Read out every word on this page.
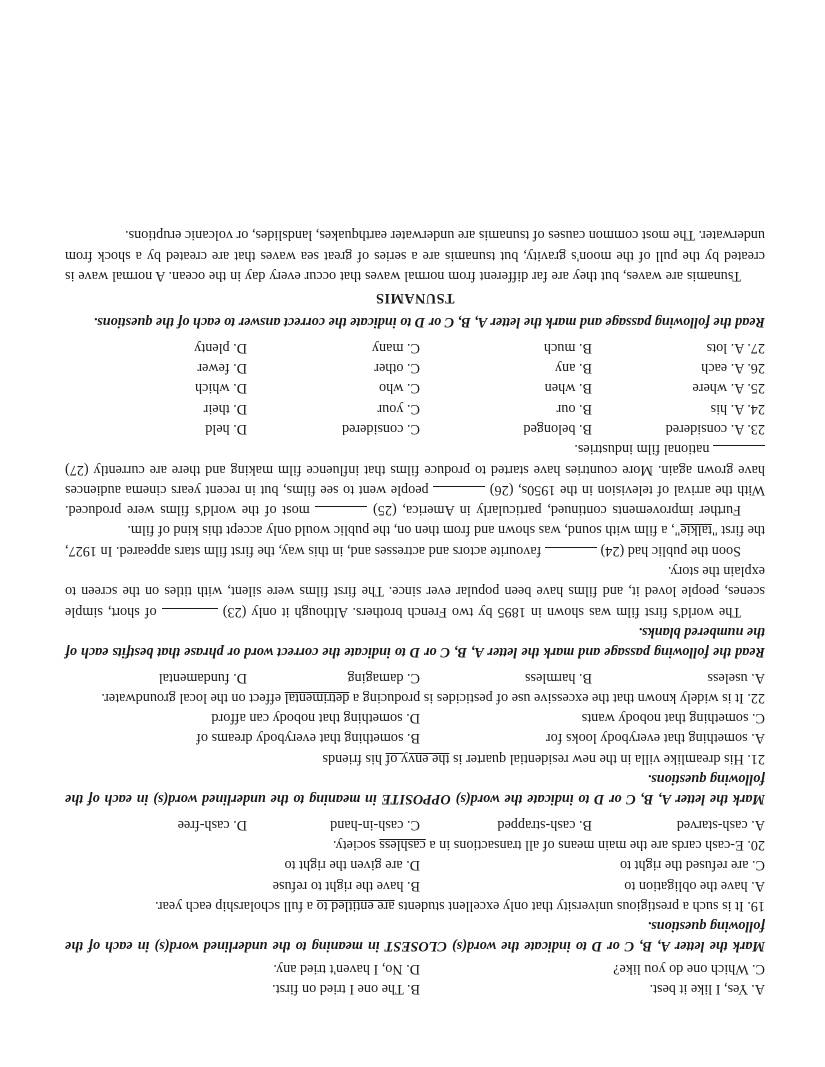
A. Yes, I like it best.
B. The one I tried on first.
C. Which one do you like?
D. No, I haven't tried any.
Mark the letter A, B, C or D to indicate the word(s) CLOSEST in meaning to the underlined word(s) in each of the following questions.
19. It is such a prestigious university that only excellent students are entitled to a full scholarship each year.
A. have the obligation to
B. have the right to refuse
C. are refused the right to
D. are given the right to
20. E-cash cards are the main means of all transactions in a cashless society.
A. cash-starved
B. cash-strapped
C. cash-in-hand
D. cash-free
Mark the letter A, B, C or D to indicate the word(s) OPPOSITE in meaning to the underlined word(s) in each of the following questions.
21. His dreamlike villa in the new residential quarter is the envy of his friends
A. something that everybody looks for
B. something that everybody dreams of
C. something that nobody wants
D. something that nobody can afford
22. It is widely known that the excessive use of pesticides is producing a detrimental effect on the local groundwater.
A. useless
B. harmless
C. damaging
D. fundamental
Read the following passage and mark the letter A, B, C or D to indicate the correct word or phrase that bestfits each of the numbered blanks.
The world's first film was shown in 1895 by two French brothers. Although it only (23)  of short, simple scenes, people loved it, and films have been popular ever since. The first films were silent, with titles on the screen to explain the story.
Soon the public had (24)  favourite actors and actresses and, in this way, the first film stars appeared. In 1927, the first "talkie", a film with sound, was shown and from then on, the public would only accept this kind of film.
Further improvements continued, particularly in America, (25)  most of the world's films were produced. With the arrival of television in the 1950s, (26)  people went to see films, but in recent years cinema audiences have grown again. More countries have started to produce films that influence film making and there are currently (27)  national film industries.
23. A. considered
B. belonged
C. considered
D. held
24. A. his
B. our
C. your
D. their
25. A. where
B. when
C. who
D. which
26. A. each
B. any
C. other
D. fewer
27. A. lots
B. much
C. many
D. plenty
Read the following passage and mark the letter A, B, C or D to indicate the correct answer to each of the questions.
TSUNAMIS
Tsunamis are waves, but they are far different from normal waves that occur every day in the ocean. A normal wave is created by the pull of the moon's gravity, but tsunamis are a series of great sea waves that are created by a shock from underwater. The most common causes of tsunamis are underwater earthquakes, landslides, or volcanic eruptions.
